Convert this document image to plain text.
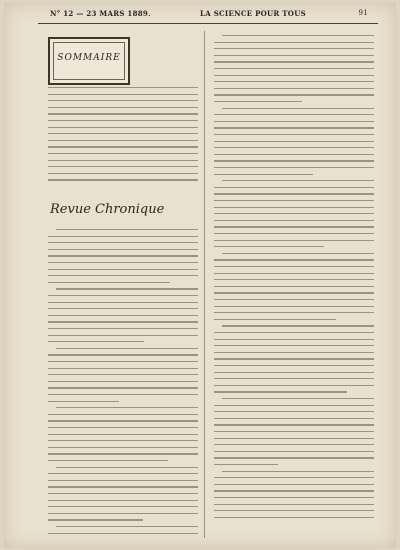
N° 12 — 23 MARS 1889.	LA SCIENCE POUR TOUS	91
SOMMAIRE
Revue Chronique
